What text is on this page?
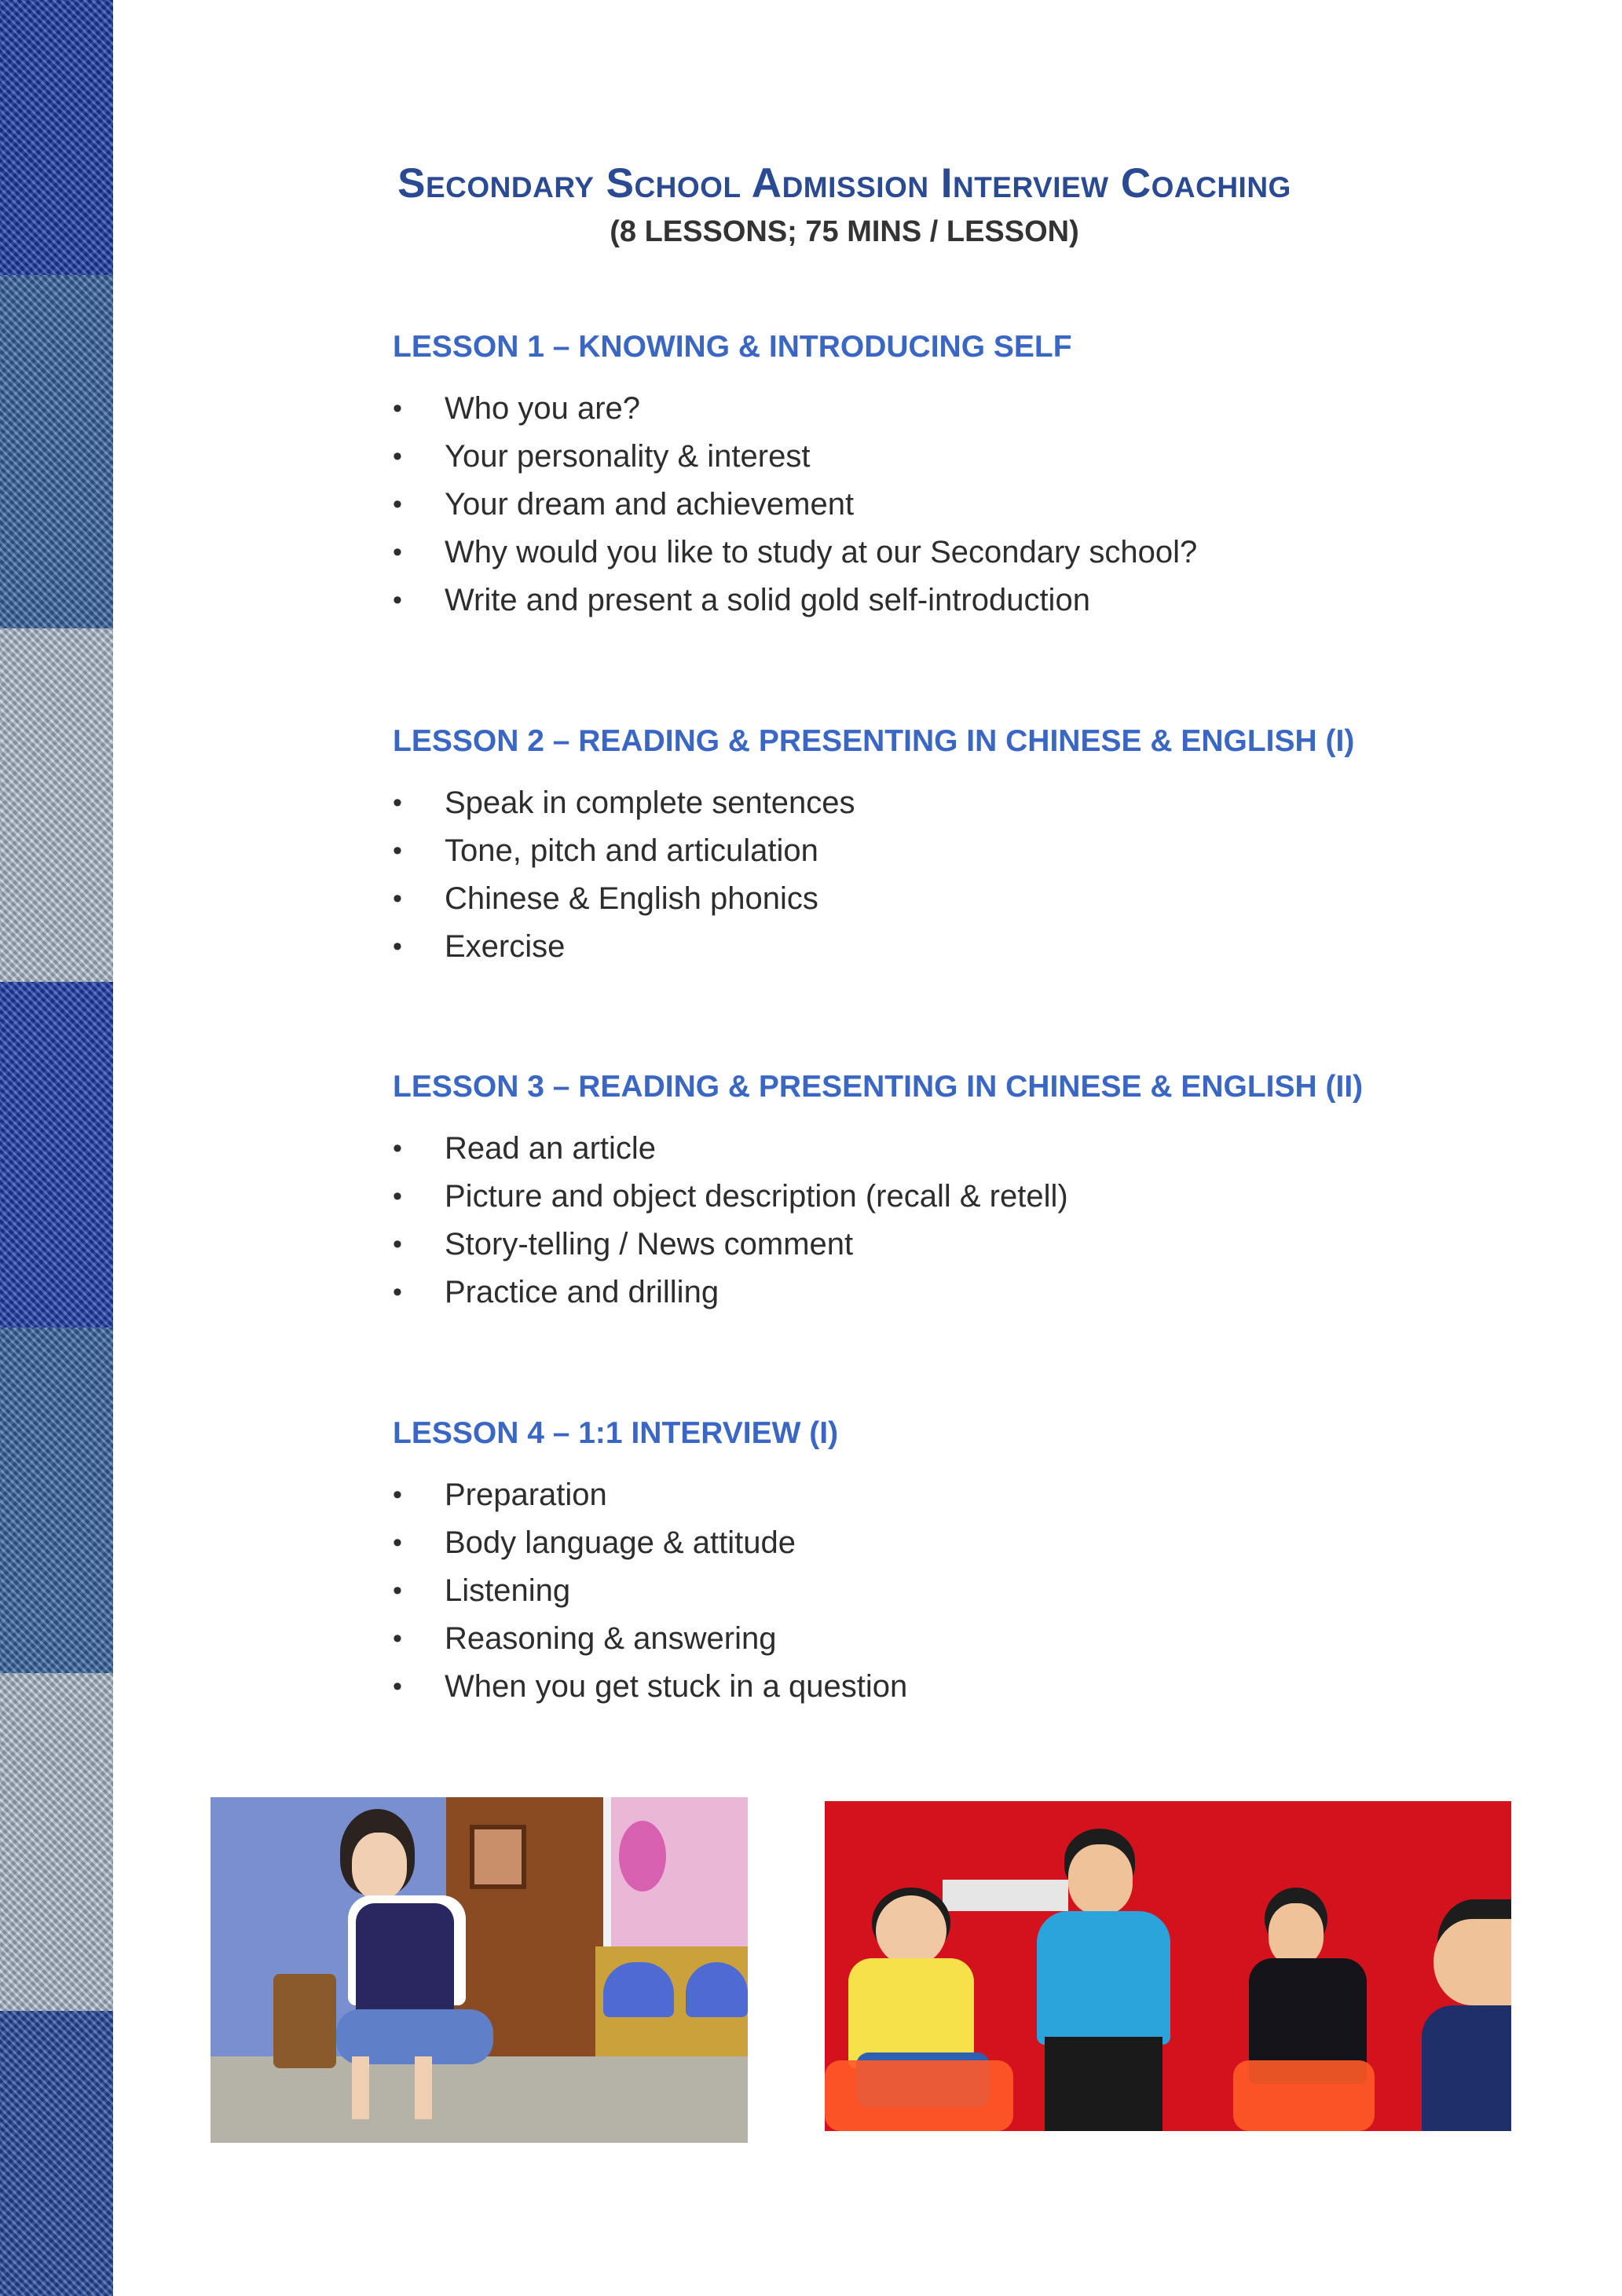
Secondary School Admission Interview Coaching
(8 LESSONS; 75 MINS / LESSON)
LESSON 1 – KNOWING & INTRODUCING SELF
• Who you are?
• Your personality & interest
• Your dream and achievement
• Why would you like to study at our Secondary school?
• Write and present a solid gold self-introduction
LESSON 2 – READING & PRESENTING IN CHINESE & ENGLISH (I)
• Speak in complete sentences
• Tone, pitch and articulation
• Chinese & English phonics
• Exercise
LESSON 3 – READING & PRESENTING IN CHINESE & ENGLISH (II)
• Read an article
• Picture and object description (recall & retell)
• Story-telling / News comment
• Practice and drilling
LESSON 4 – 1:1 INTERVIEW (I)
• Preparation
• Body language & attitude
• Listening
• Reasoning & answering
• When you get stuck in a question
